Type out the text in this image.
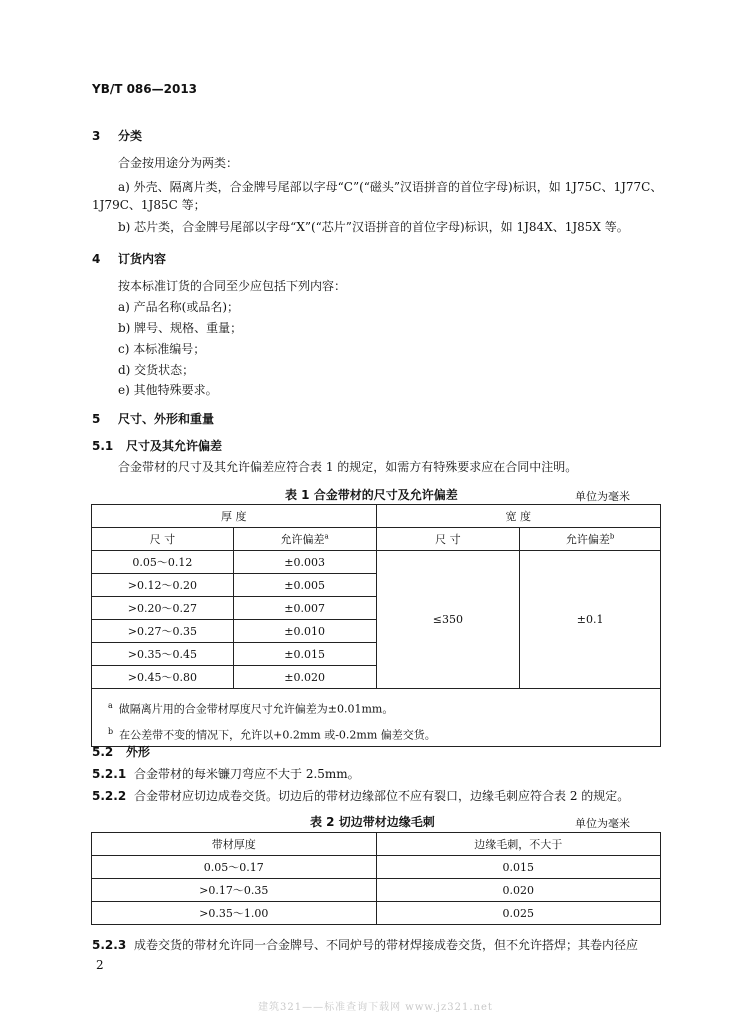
YB/T 086—2013
3 分类
合金按用途分为两类：
a) 外壳、隔离片类，合金牌号尾部以字母“C”(“磁头”汉语拼音的首位字母)标识，如 1J75C、1J77C、
1J79C、1J85C 等；
b) 芯片类，合金牌号尾部以字母“X”(“芯片”汉语拼音的首位字母)标识，如 1J84X、1J85X 等。
4 订货内容
按本标准订货的合同至少应包括下列内容：
a) 产品名称(或品名)；
b) 牌号、规格、重量；
c) 本标准编号；
d) 交货状态；
e) 其他特殊要求。
5 尺寸、外形和重量
5.1 尺寸及其允许偏差
合金带材的尺寸及其允许偏差应符合表 1 的规定，如需方有特殊要求应在合同中注明。
表 1 合金带材的尺寸及允许偏差	单位为毫米
厚 度		宽 度	
尺 寸	允许偏差$^a$	尺 寸	允许偏差$^b$
0.05～0.12	±0.003	≤350	±0.1
>0.12～0.20	±0.005		
>0.20～0.27	±0.007		
>0.27～0.35	±0.010		
>0.35～0.45	±0.015		
>0.45～0.80	±0.020		

$^a$ 做隔离片用的合金带材厚度尺寸允许偏差为±0.01mm。
$^b$ 在公差带不变的情况下，允许以+0.2mm 或-0.2mm 偏差交货。			
5.2 外形
5.2.1 合金带材的每米镰刀弯应不大于 2.5mm。
5.2.2 合金带材应切边成卷交货。切边后的带材边缘部位不应有裂口，边缘毛刺应符合表 2 的规定。
表 2 切边带材边缘毛刺	单位为毫米
带材厚度	边缘毛刺，不大于
0.05～0.17	0.015
>0.17～0.35	0.020
>0.35～1.00	0.025
5.2.3 成卷交货的带材允许同一合金牌号、不同炉号的带材焊接成卷交货，但不允许搭焊；其卷内径应
2
建筑321——标准查询下载网 www.jz321.net
